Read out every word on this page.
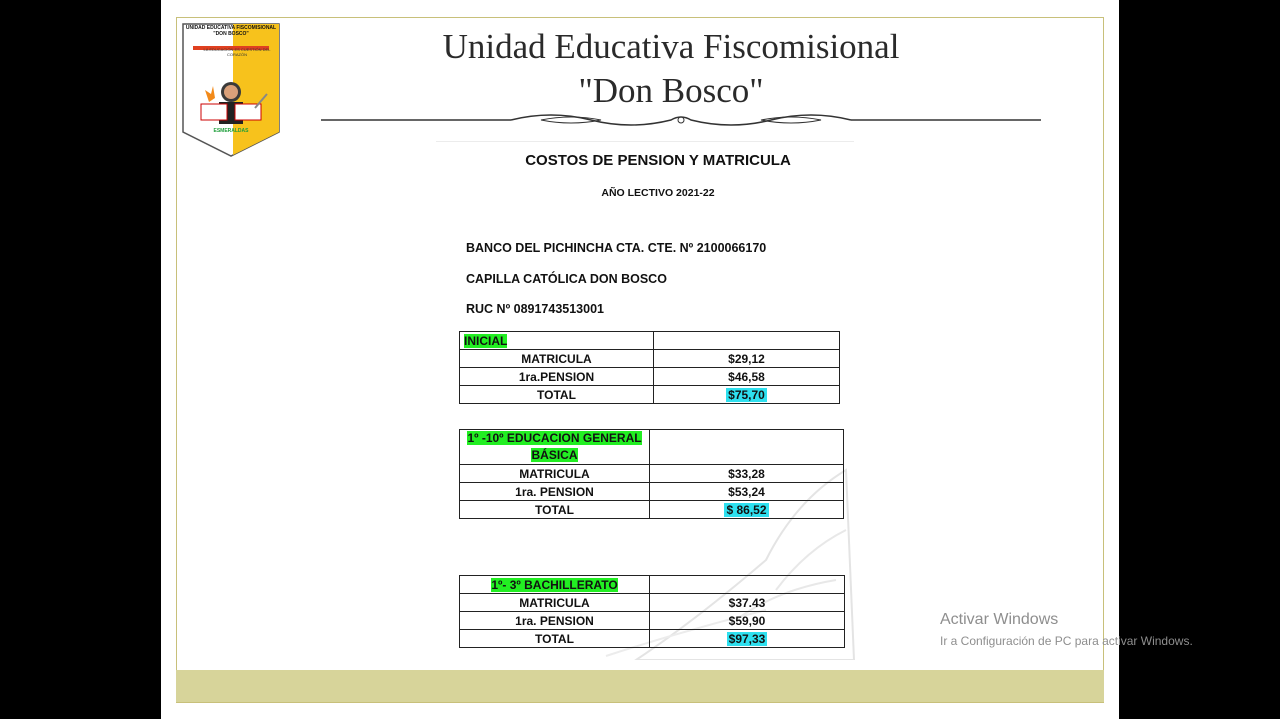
UNIDAD EDUCATIVA FISCOMISIONAL
"DON BOSCO"
LA EDUCACIÓN ES CUESTIÓN DEL CORAZÓN
ESMERALDAS
Unidad Educativa Fiscomisional
"Don Bosco"
COSTOS DE PENSION Y MATRICULA
AÑO LECTIVO 2021-22
BANCO DEL PICHINCHA CTA. CTE. Nº 2100066170
CAPILLA CATÓLICA DON BOSCO
RUC Nº 0891743513001
INICIAL	
MATRICULA	$29,12
1ra.PENSION	$46,58
TOTAL	$75,70
1º -10º EDUCACION GENERAL
BÁSICA	
MATRICULA	$33,28
1ra. PENSION	$53,24
TOTAL	$ 86,52
1º- 3º BACHILLERATO	
MATRICULA	$37.43
1ra. PENSION	$59,90
TOTAL	$97,33
Activar Windows
Ir a Configuración de PC para activar Windows.
